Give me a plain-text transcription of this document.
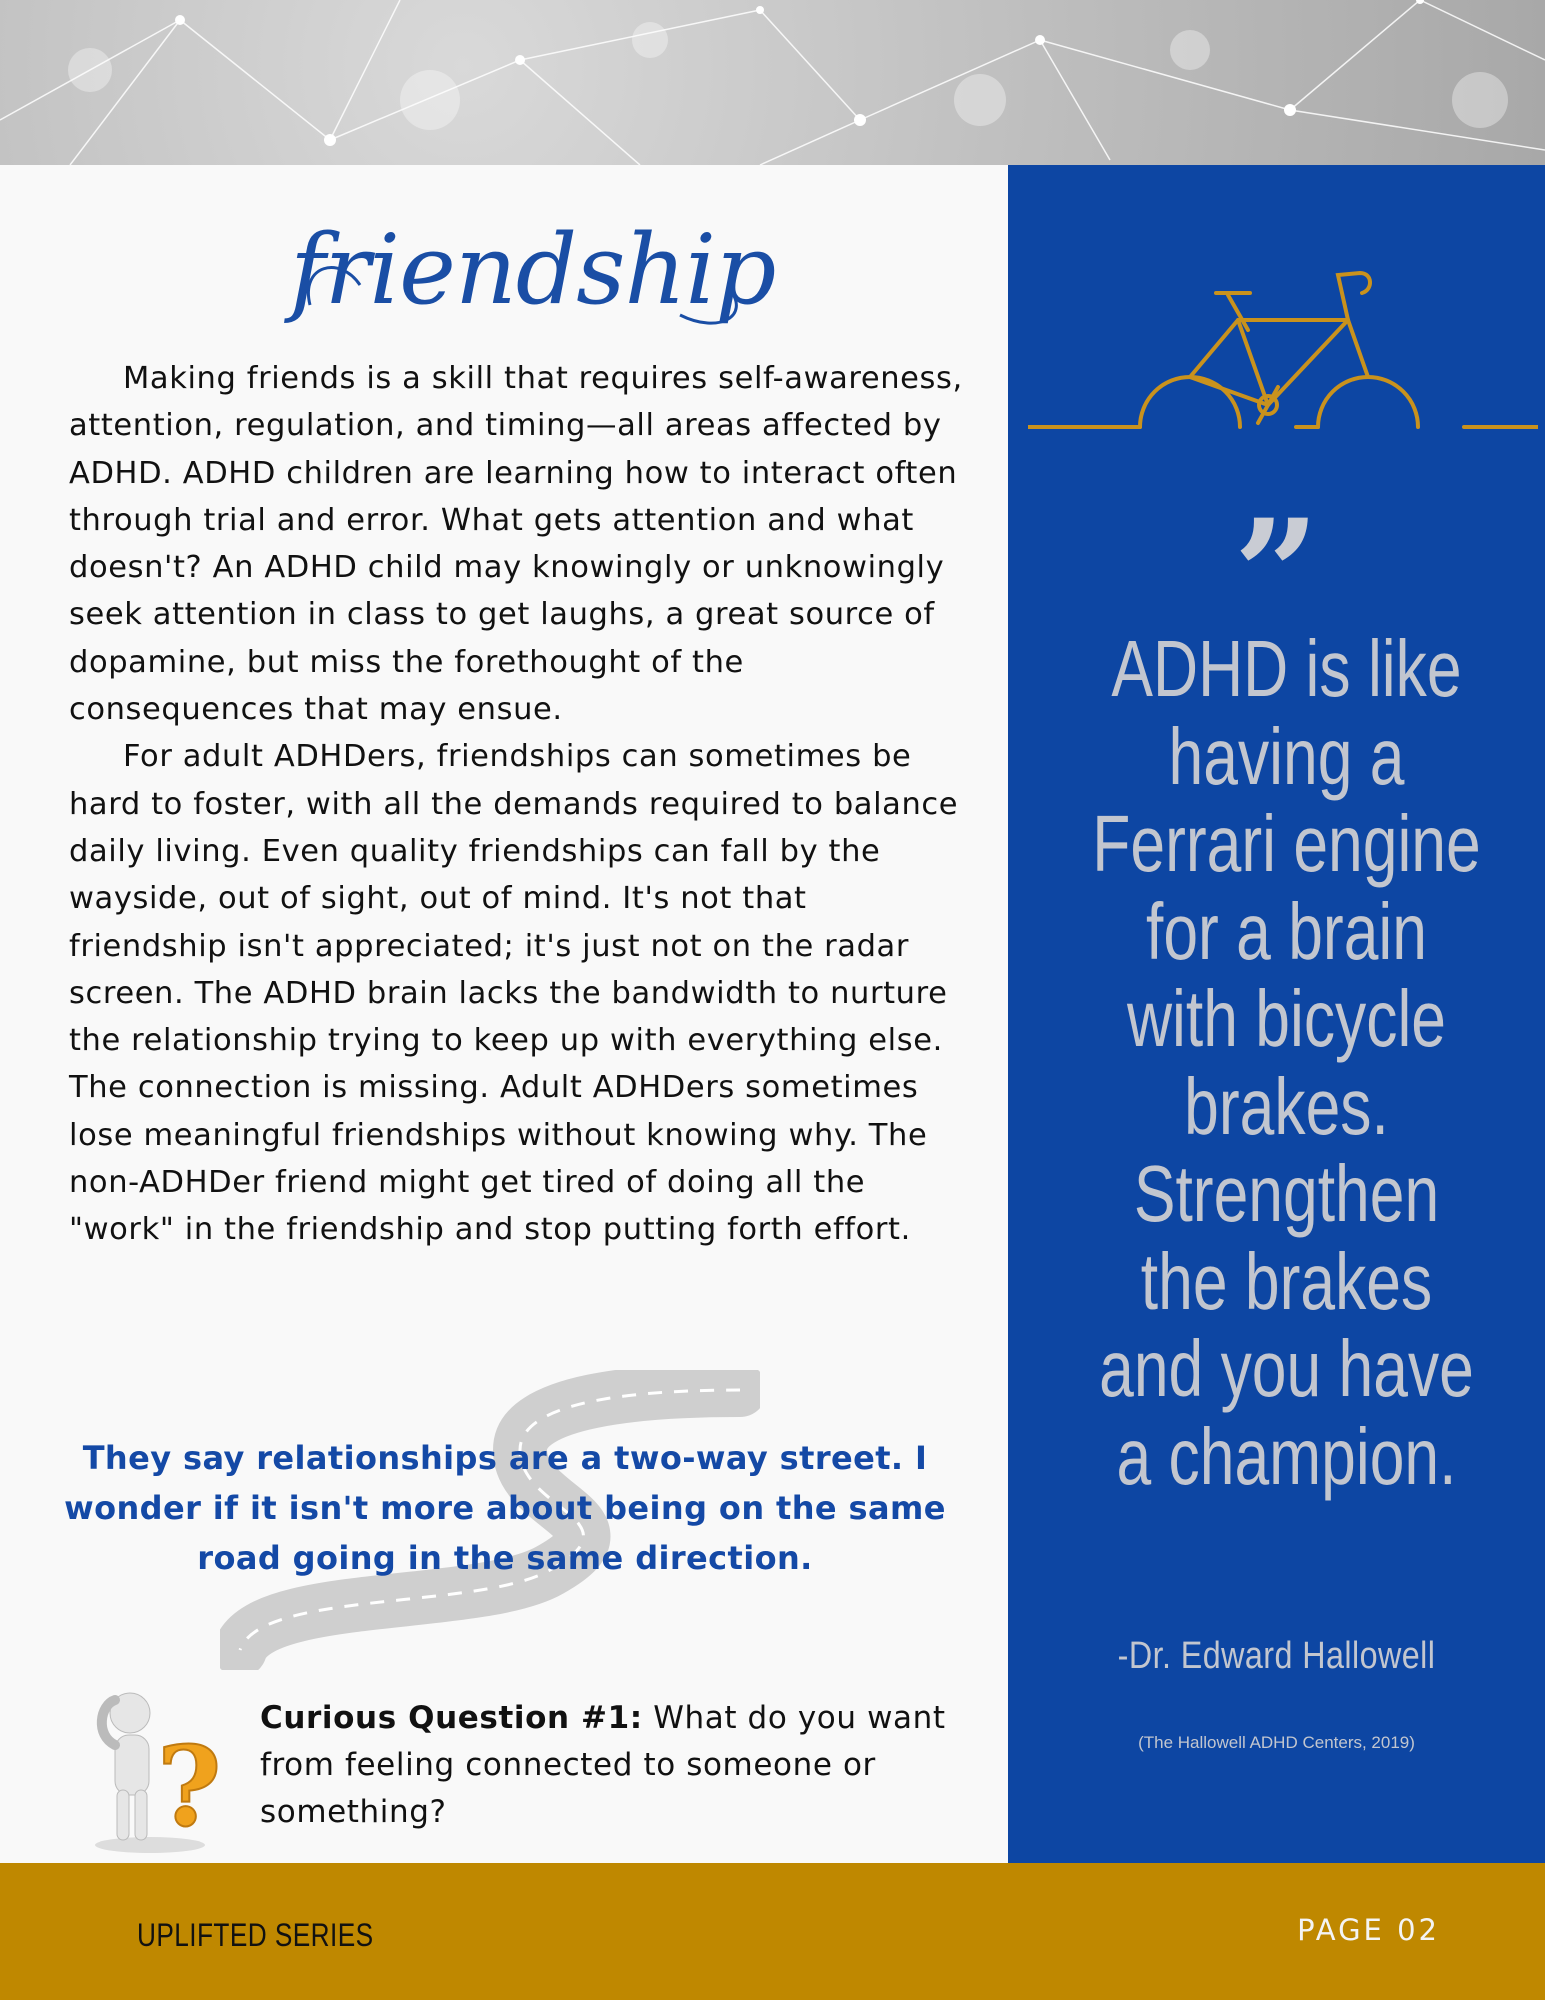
friendship

Making friends is a skill that requires self-awareness, attention, regulation, and timing—all areas affected by ADHD. ADHD children are learning how to interact often through trial and error. What gets attention and what doesn't? An ADHD child may knowingly or unknowingly seek attention in class to get laughs, a great source of dopamine, but miss the forethought of the consequences that may ensue.

For adult ADHDers, friendships can sometimes be hard to foster, with all the demands required to balance daily living. Even quality friendships can fall by the wayside, out of sight, out of mind. It's not that friendship isn't appreciated; it's just not on the radar screen. The ADHD brain lacks the bandwidth to nurture the relationship trying to keep up with everything else. The connection is missing. Adult ADHDers sometimes lose meaningful friendships without knowing why. The non-ADHDer friend might get tired of doing all the "work" in the friendship and stop putting forth effort.

They say relationships are a two-way street. I wonder if it isn't more about being on the same road going in the same direction.
?
Curious Question #1: What do you want from feeling connected to someone or something?
”
ADHD is like having a Ferrari engine for a brain with bicycle brakes. Strengthen the brakes and you have a champion.
-Dr. Edward Hallowell
(The Hallowell ADHD Centers, 2019)
UPLIFTED SERIES	PAGE 02
